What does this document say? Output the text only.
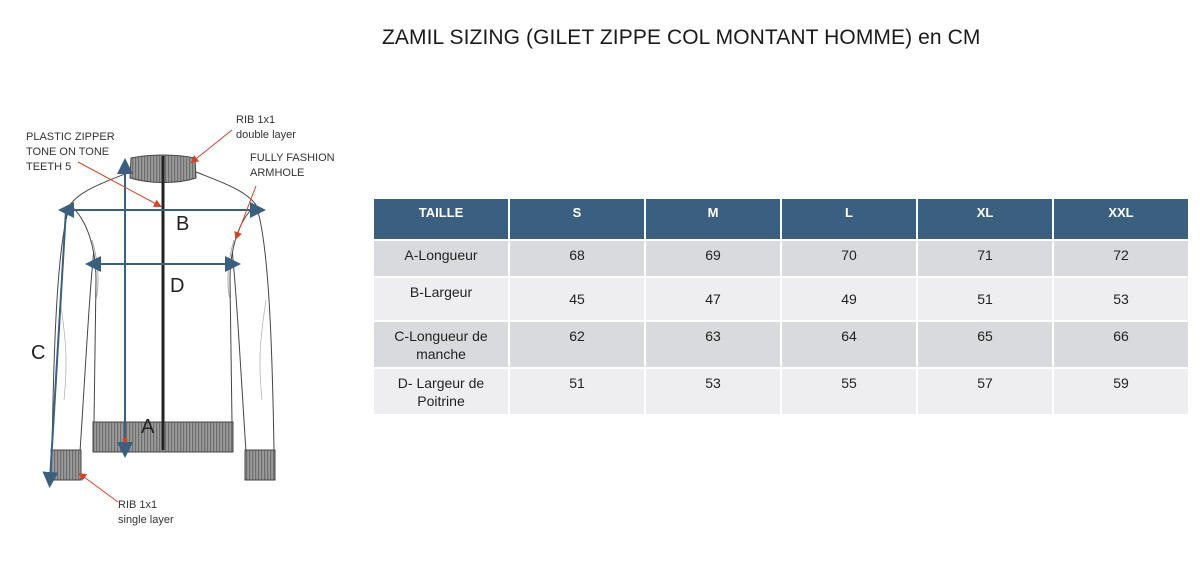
ZAMIL SIZING (GILET ZIPPE COL MONTANT HOMME) en CM
PLASTIC ZIPPER
TONE ON TONE
TEETH 5
RIB 1x1
double layer
FULLY FASHION
ARMHOLE
RIB 1x1
single layer
B
D
C
A
TAILLE	S	M	L	XL	XXL
A-Longueur	68	69	70	71	72
B-Largeur	45	47	49	51	53
C-Longueur de manche	62	63	64	65	66
D- Largeur de Poitrine	51	53	55	57	59
